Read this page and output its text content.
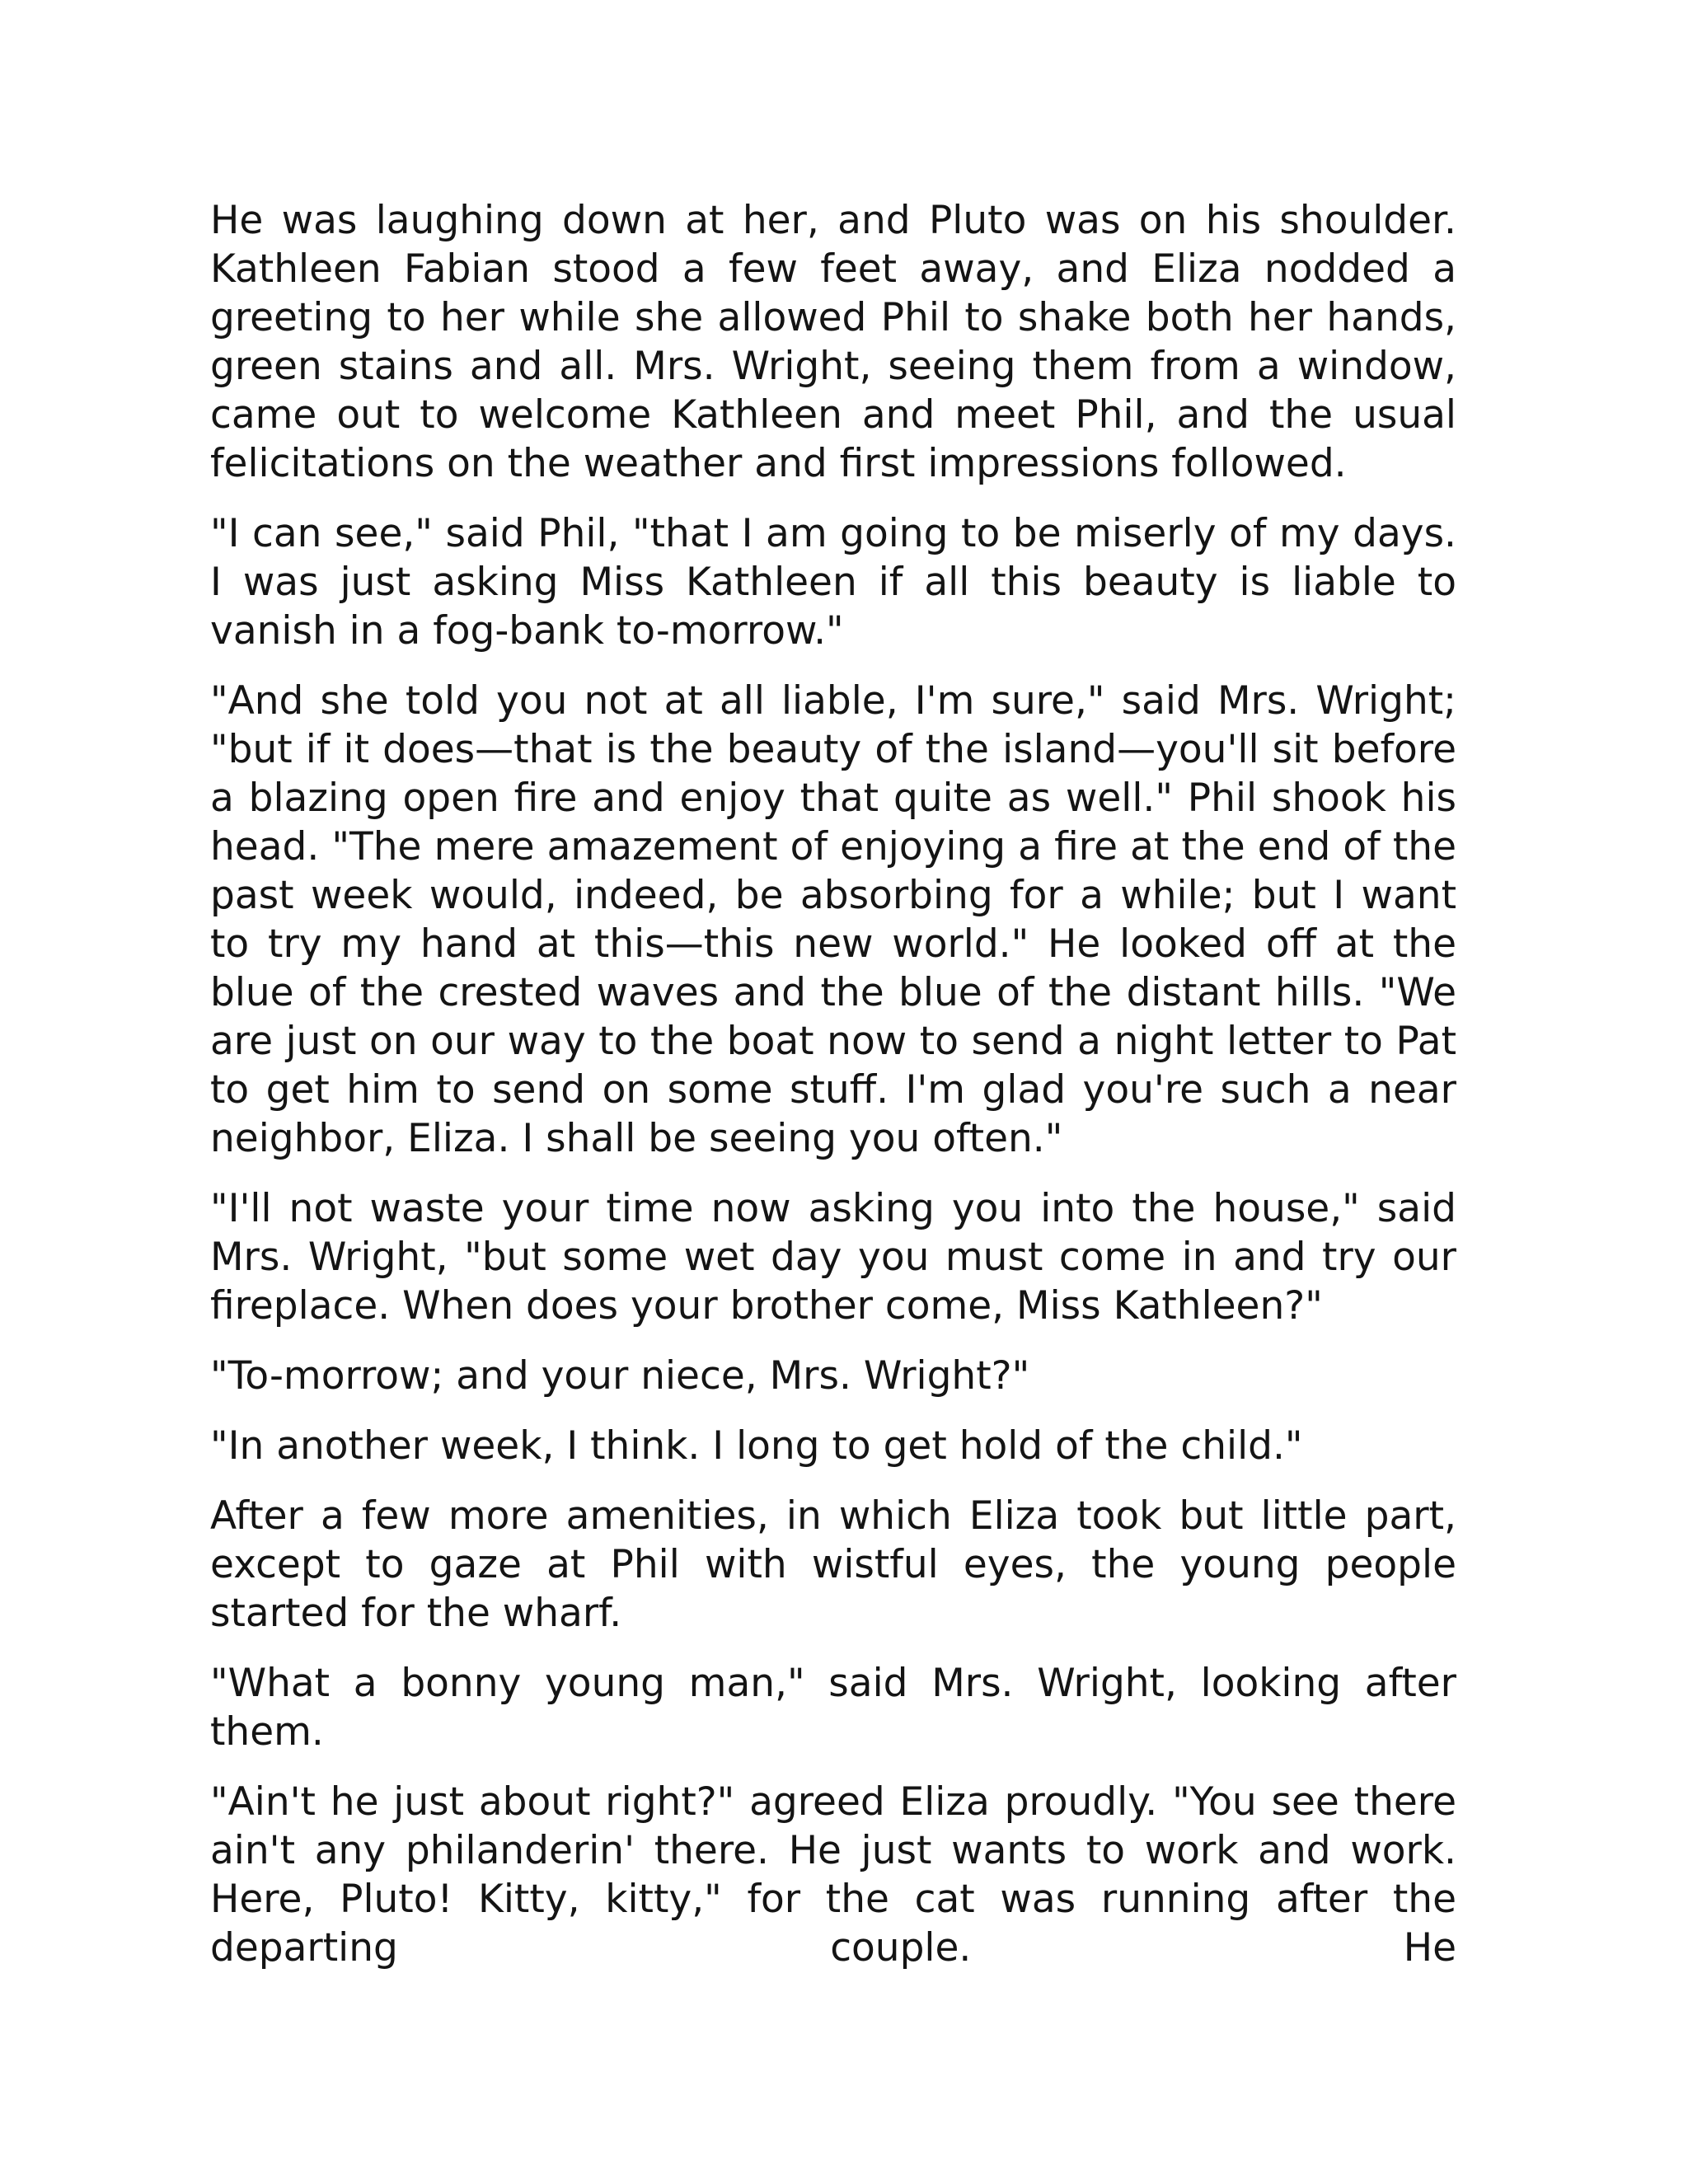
He was laughing down at her, and Pluto was on his shoulder. Kathleen Fabian stood a few feet away, and Eliza nodded a greeting to her while she allowed Phil to shake both her hands, green stains and all. Mrs. Wright, seeing them from a window, came out to welcome Kathleen and meet Phil, and the usual felicitations on the weather and first impressions followed.

"I can see," said Phil, "that I am going to be miserly of my days. I was just asking Miss Kathleen if all this beauty is liable to vanish in a fog-bank to-morrow."

"And she told you not at all liable, I'm sure," said Mrs. Wright; "but if it does—that is the beauty of the island—you'll sit before a blazing open fire and enjoy that quite as well." Phil shook his head. "The mere amazement of enjoying a fire at the end of the past week would, indeed, be absorbing for a while; but I want to try my hand at this—this new world." He looked off at the blue of the crested waves and the blue of the distant hills. "We are just on our way to the boat now to send a night letter to Pat to get him to send on some stuff. I'm glad you're such a near neighbor, Eliza. I shall be seeing you often."

"I'll not waste your time now asking you into the house," said Mrs. Wright, "but some wet day you must come in and try our fireplace. When does your brother come, Miss Kathleen?"

"To-morrow; and your niece, Mrs. Wright?"

"In another week, I think. I long to get hold of the child."

After a few more amenities, in which Eliza took but little part, except to gaze at Phil with wistful eyes, the young people started for the wharf.

"What a bonny young man," said Mrs. Wright, looking after them.

"Ain't he just about right?" agreed Eliza proudly. "You see there ain't any philanderin' there. He just wants to work and work. Here, Pluto! Kitty, kitty," for the cat was running after the departing couple. He
